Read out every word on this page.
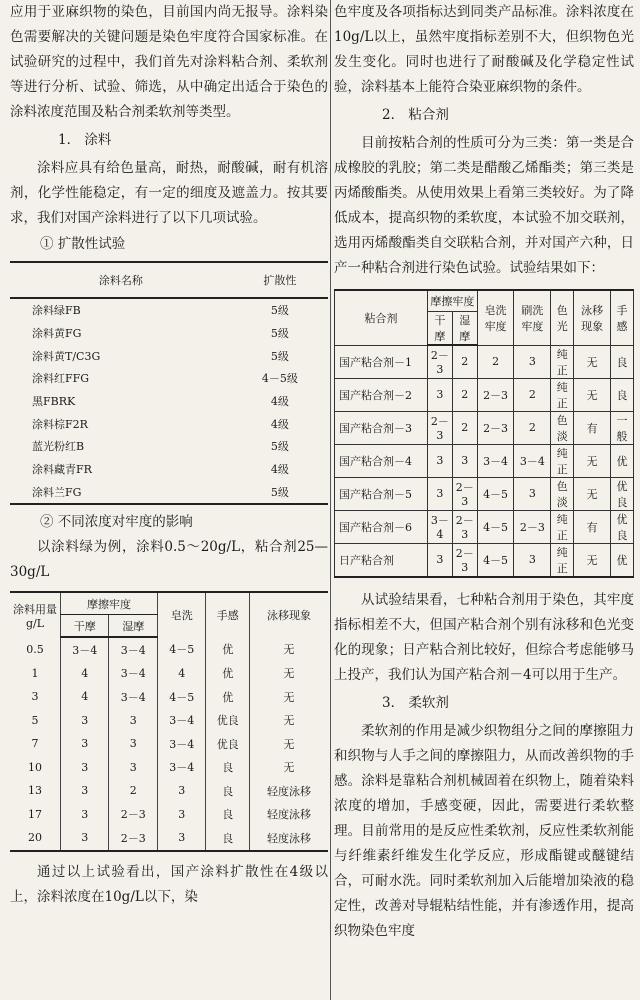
应用于亚麻织物的染色，目前国内尚无报导。涂料染色需要解决的关键问题是染色牢度符合国家标准。在试验研究的过程中，我们首先对涂料粘合剂、柔软剂等进行分析、试验、筛选，从中确定出适合于染色的涂料浓度范围及粘合剂柔软剂等类型。

1． 涂料

涂料应具有给色量高，耐热，耐酸碱，耐有机溶剂，化学性能稳定，有一定的细度及遮盖力。按其要求，我们对国产涂料进行了以下几项试验。

① 扩散性试验
涂料名称	扩散性
涂料绿FB	5级
涂料黄FG	5级
涂料黄T/C3G	5级
涂料红FFG	4－5级
黑FBRK	4级
涂料棕F2R	4级
蓝光粉红B	5级
涂料藏青FR	4级
涂料兰FG	5级
② 不同浓度对牢度的影响

以涂料绿为例，涂料0.5～20g/L，粘合剂25—30g/L

涂料用量g/L	摩擦牢度		皂洗	手感	泳移现象
	干摩	湿摩			
0.5	3－4	3－4	4－5	优	无
1	4	3－4	4	优	无
3	4	3－4	4－5	优	无
5	3	3	3－4	优良	无
7	3	3	3－4	优良	无
10	3	3	3－4	良	无
13	3	2	3	良	轻度泳移
17	3	2－3	3	良	轻度泳移
20	3	2－3	3	良	轻度泳移

通过以上试验看出，国产涂料扩散性在4级以上，涂料浓度在10g/L以下，染

色牢度及各项指标达到同类产品标准。涂料浓度在10g/L以上，虽然牢度指标差别不大，但织物色光发生变化。同时也进行了耐酸碱及化学稳定性试验，涂料基本上能符合染亚麻织物的条件。

2． 粘合剂

目前按粘合剂的性质可分为三类：第一类是合成橡胶的乳胶；第二类是醋酸乙烯酯类；第三类是丙烯酸酯类。从使用效果上看第三类较好。为了降低成本，提高织物的柔软度，本试验不加交联剂，选用丙烯酸酯类自交联粘合剂，并对国产六种，日产一种粘合剂进行染色试验。试验结果如下：

粘合剂	摩擦牢度		皂洗牢度	刷洗牢度	色光	泳移现象	手感
	干摩	湿摩					
国产粘合剂－1	2－3	2	2	3	纯正	无	良
国产粘合剂－2	3	2	2－3	2	纯正	无	良
国产粘合剂－3	2－3	2	2－3	2	色淡	有	一般
国产粘合剂－4	3	3	3－4	3－4	纯正	无	优
国产粘合剂－5	3	2－3	4－5	3	色淡	无	优良
国产粘合剂－6	3－4	2－3	4－5	2－3	纯正	有	优良
日产粘合剂	3	2－3	4－5	3	纯正	无	优

从试验结果看，七种粘合剂用于染色，其牢度指标相差不大，但国产粘合剂个别有泳移和色光变化的现象；日产粘合剂比较好，但综合考虑能够马上投产，我们认为国产粘合剂－4可以用于生产。

3． 柔软剂

柔软剂的作用是减少织物组分之间的摩擦阻力和织物与人手之间的摩擦阻力，从而改善织物的手感。涂料是靠粘合剂机械固着在织物上，随着染料浓度的增加，手感变硬，因此，需要进行柔软整理。目前常用的是反应性柔软剂，反应性柔软剂能与纤维素纤维发生化学反应，形成酯键或醚键结合，可耐水洗。同时柔软剂加入后能增加染液的稳定性，改善对导辊粘结性能，并有渗透作用，提高织物染色牢度
